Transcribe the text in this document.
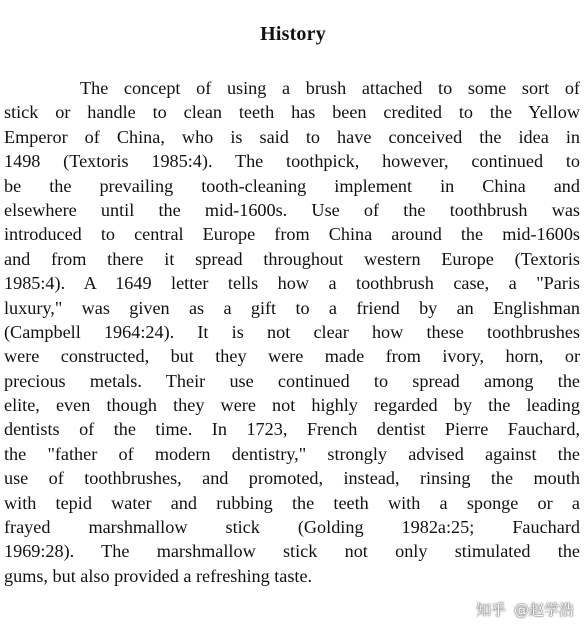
History
The concept of using a brush attached to some sort of
stick or handle to clean teeth has been credited to the Yellow
Emperor of China, who is said to have conceived the idea in
1498 (Textoris 1985:4). The toothpick, however, continued to
be the prevailing tooth-cleaning implement in China and
elsewhere until the mid-1600s. Use of the toothbrush was
introduced to central Europe from China around the mid-1600s
and from there it spread throughout western Europe (Textoris
1985:4). A 1649 letter tells how a toothbrush case, a "Paris
luxury," was given as a gift to a friend by an Englishman
(Campbell 1964:24). It is not clear how these toothbrushes
were constructed, but they were made from ivory, horn, or
precious metals. Their use continued to spread among the
elite, even though they were not highly regarded by the leading
dentists of the time. In 1723, French dentist Pierre Fauchard,
the "father of modern dentistry," strongly advised against the
use of toothbrushes, and promoted, instead, rinsing the mouth
with tepid water and rubbing the teeth with a sponge or a
frayed marshmallow stick (Golding 1982a:25; Fauchard
1969:28). The marshmallow stick not only stimulated the
gums, but also provided a refreshing taste.
知乎 @赵学浩
